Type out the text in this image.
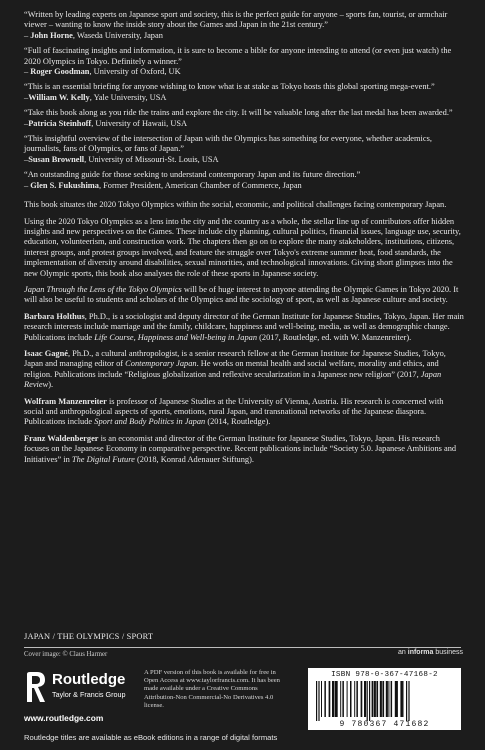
“Written by leading experts on Japanese sport and society, this is the perfect guide for anyone – sports fan, tourist, or armchair viewer – wanting to know the inside story about the Games and Japan in the 21st century.”
– John Horne, Waseda University, Japan
“Full of fascinating insights and information, it is sure to become a bible for anyone intending to attend (or even just watch) the 2020 Olympics in Tokyo. Definitely a winner.”
– Roger Goodman, University of Oxford, UK
“This is an essential briefing for anyone wishing to know what is at stake as Tokyo hosts this global sporting mega-event.”
–William W. Kelly, Yale University, USA
“Take this book along as you ride the trains and explore the city. It will be valuable long after the last medal has been awarded.”
–Patricia Steinhoff, University of Hawaii, USA
“This insightful overview of the intersection of Japan with the Olympics has something for everyone, whether academics, journalists, fans of Olympics, or fans of Japan.”
–Susan Brownell, University of Missouri-St. Louis, USA
“An outstanding guide for those seeking to understand contemporary Japan and its future direction.”
– Glen S. Fukushima, Former President, American Chamber of Commerce, Japan

This book situates the 2020 Tokyo Olympics within the social, economic, and political challenges facing contemporary Japan.

Using the 2020 Tokyo Olympics as a lens into the city and the country as a whole, the stellar line up of contributors offer hidden insights and new perspectives on the Games. These include city planning, cultural politics, financial issues, language use, security, education, volunteerism, and construction work. The chapters then go on to explore the many stakeholders, institutions, citizens, interest groups, and protest groups involved, and feature the struggle over Tokyo's extreme summer heat, food standards, the implementation of diversity around disabilities, sexual minorities, and technological innovations. Giving short glimpses into the new Olympic sports, this book also analyses the role of these sports in Japanese society.

Japan Through the Lens of the Tokyo Olympics will be of huge interest to anyone attending the Olympic Games in Tokyo 2020. It will also be useful to students and scholars of the Olympics and the sociology of sport, as well as Japanese culture and society.

Barbara Holthus, Ph.D., is a sociologist and deputy director of the German Institute for Japanese Studies, Tokyo, Japan. Her main research interests include marriage and the family, childcare, happiness and well-being, media, as well as demographic change. Publications include Life Course, Happiness and Well-being in Japan (2017, Routledge, ed. with W. Manzenreiter).

Isaac Gagné, Ph.D., a cultural anthropologist, is a senior research fellow at the German Institute for Japanese Studies, Tokyo, Japan and managing editor of Contemporary Japan. He works on mental health and social welfare, morality and ethics, and religion. Publications include “Religious globalization and reflexive secularization in a Japanese new religion” (2017, Japan Review).

Wolfram Manzenreiter is professor of Japanese Studies at the University of Vienna, Austria. His research is concerned with social and anthropological aspects of sports, emotions, rural Japan, and transnational networks of the Japanese diaspora. Publications include Sport and Body Politics in Japan (2014, Routledge).

Franz Waldenberger is an economist and director of the German Institute for Japanese Studies, Tokyo, Japan. His research focuses on the Japanese Economy in comparative perspective. Recent publications include “Society 5.0. Japanese Ambitions and Initiatives” in The Digital Future (2018, Konrad Adenauer Stiftung).

JAPAN / THE OLYMPICS / SPORT
Cover image: © Claus Harmer	an informa business
Routledge
Taylor & Francis Group
www.routledge.com
A PDF version of this book is available for free in Open Access at www.taylorfrancis.com. It has been made available under a Creative Commons Attribution-Non Commercial-No Derivatives 4.0 license.
ISBN 978-0-367-47168-2
9 780367 471682
Routledge titles are available as eBook editions in a range of digital formats
